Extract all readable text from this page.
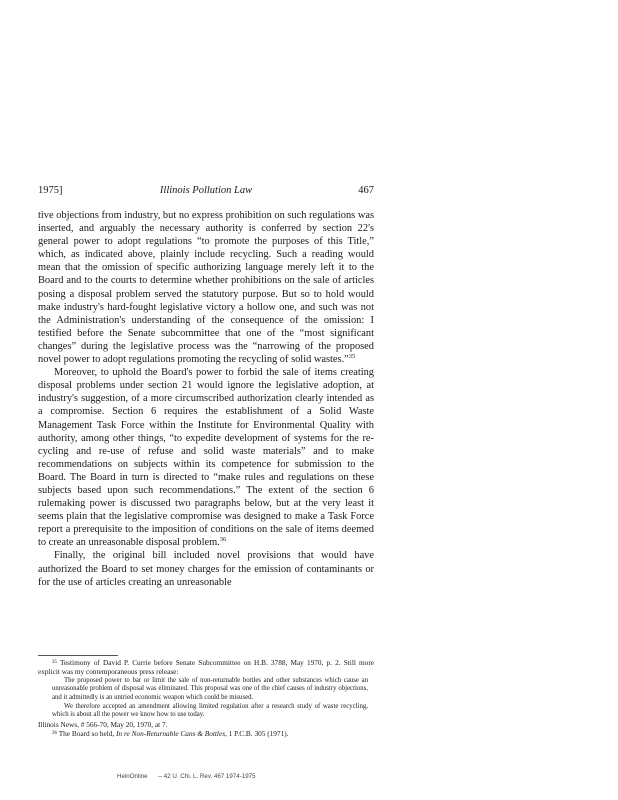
1975]	Illinois Pollution Law	467

tive objections from industry, but no express prohibition on such regulations was inserted, and arguably the necessary authority is conferred by section 22's general power to adopt regulations “to promote the purposes of this Title,” which, as indicated above, plainly include recycling. Such a reading would mean that the omission of specific authorizing language merely left it to the Board and to the courts to determine whether prohibitions on the sale of articles posing a disposal problem served the statutory purpose. But so to hold would make industry's hard-fought legislative victory a hollow one, and such was not the Administration's understanding of the consequence of the omission: I testified before the Senate subcommittee that one of the “most significant changes” during the legislative process was the “narrowing of the proposed novel power to adopt regulations promoting the recycling of solid wastes.”$^{35}$

Moreover, to uphold the Board's power to forbid the sale of items creating disposal problems under section 21 would ignore the legislative adoption, at industry's suggestion, of a more circumscribed authorization clearly intended as a compromise. Section 6 requires the establishment of a Solid Waste Management Task Force within the Institute for Environmental Quality with authority, among other things, “to expedite development of systems for the re-cycling and re-use of refuse and solid waste materials” and to make recommendations on subjects within its competence for submission to the Board. The Board in turn is directed to “make rules and regulations on these subjects based upon such recommendations.” The extent of the section 6 rulemaking power is discussed two paragraphs below, but at the very least it seems plain that the legislative compromise was designed to make a Task Force report a prerequisite to the imposition of conditions on the sale of items deemed to create an unreasonable disposal problem.$^{36}$

Finally, the original bill included novel provisions that would have authorized the Board to set money charges for the emission of contaminants or for the use of articles creating an unreasonable

$^{35}$ Testimony of David P. Currie before Senate Subcommittee on H.B. 3788, May 1970, p. 2. Still more explicit was my contemporaneous press release:

The proposed power to bar or limit the sale of non-returnable bottles and other substances which cause an unreasonable problem of disposal was eliminated. This proposal was one of the chief causes of industry objections, and it admittedly is an untried economic weapon which could be misused.

We therefore accepted an amendment allowing limited regulation after a research study of waste recycling, which is about all the power we know how to use today.

Illinois News, # 566-70, May 20, 1970, at 7.

$^{36}$ The Board so held, In re Non-Returnable Cans & Bottles, 1 P.C.B. 305 (1971).

HeinOnline -- 42 U. Chi. L. Rev. 467 1974-1975
